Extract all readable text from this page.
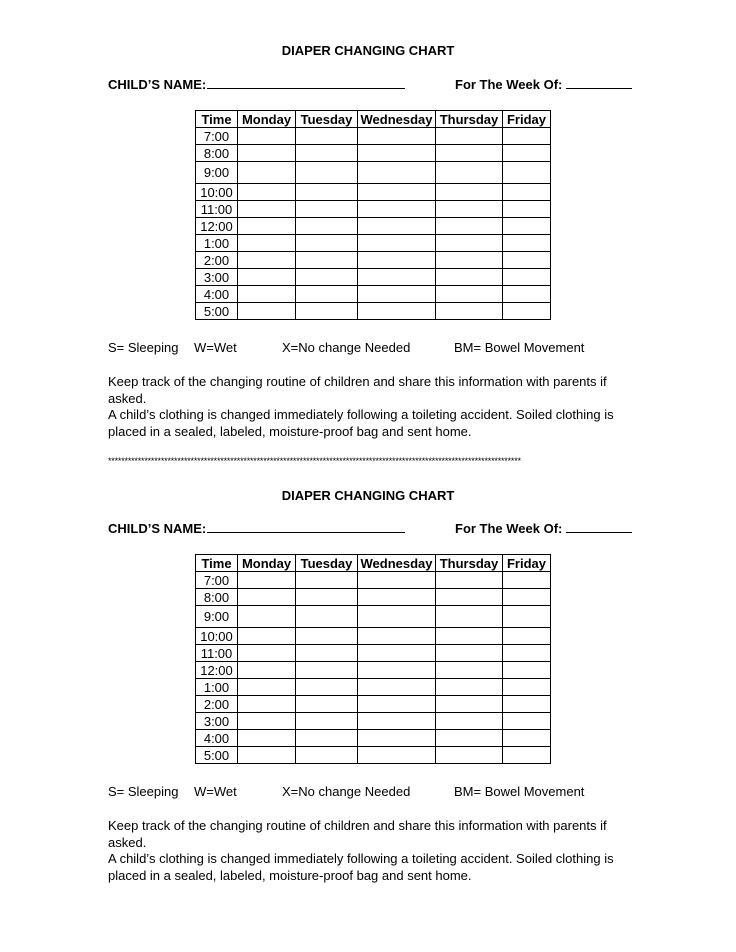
DIAPER CHANGING CHART
CHILD’S NAME:	For The Week Of:
Time	Monday	Tuesday	Wednesday	Thursday	Friday
7:00					
8:00					
9:00					
10:00					
11:00					
12:00					
1:00					
2:00					
3:00					
4:00					
5:00					
S= Sleeping W=Wet	X=No change Needed	BM= Bowel Movement
Keep track of the changing routine of children and share this information with parents if asked.
A child’s clothing is changed immediately following a toileting accident. Soiled clothing is placed in a sealed, labeled, moisture-proof bag and sent home.
*****************************************************************************************************************************
DIAPER CHANGING CHART
CHILD’S NAME:	For The Week Of:
Time	Monday	Tuesday	Wednesday	Thursday	Friday
7:00					
8:00					
9:00					
10:00					
11:00					
12:00					
1:00					
2:00					
3:00					
4:00					
5:00					
S= Sleeping W=Wet	X=No change Needed	BM= Bowel Movement
Keep track of the changing routine of children and share this information with parents if asked.
A child’s clothing is changed immediately following a toileting accident. Soiled clothing is placed in a sealed, labeled, moisture-proof bag and sent home.
